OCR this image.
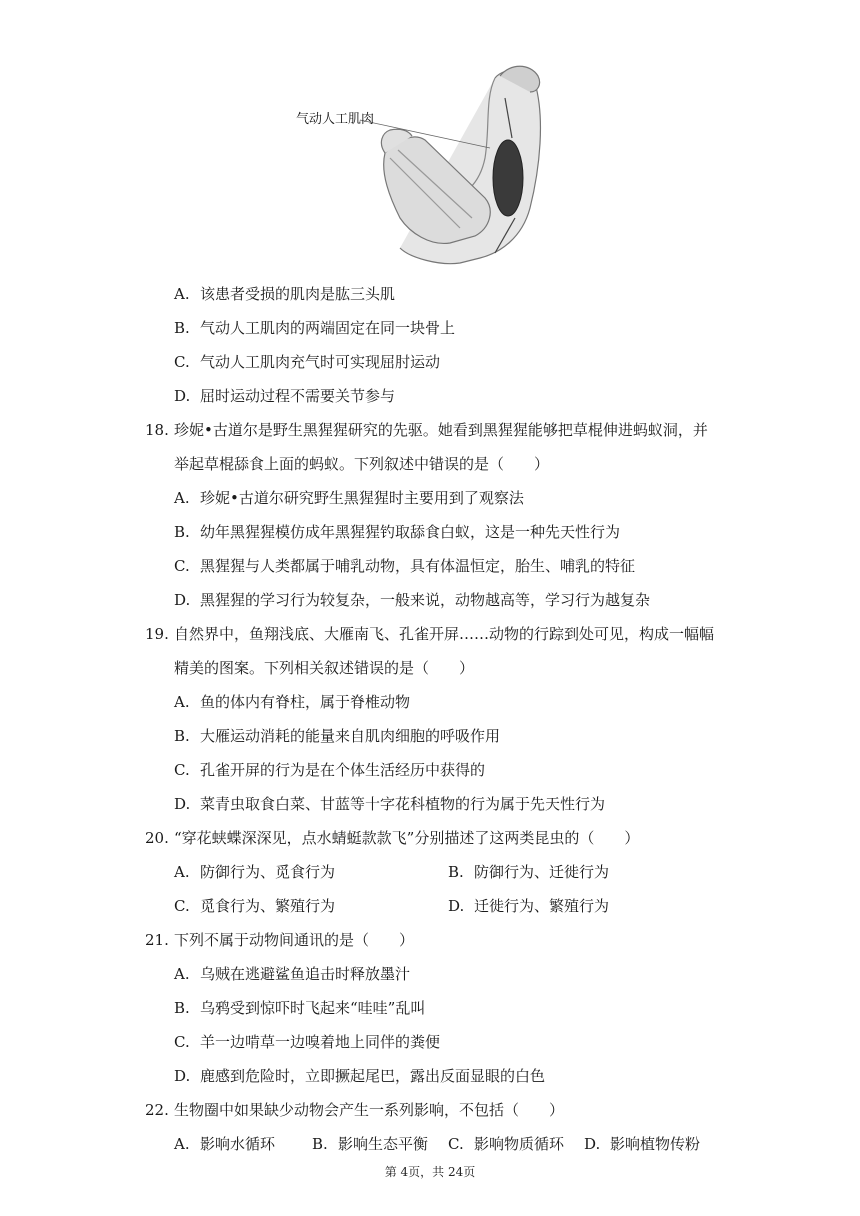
气动人工肌肉
A. 该患者受损的肌肉是肱三头肌
B. 气动人工肌肉的两端固定在同一块骨上
C. 气动人工肌肉充气时可实现屈肘运动
D. 屈时运动过程不需要关节参与
18. 珍妮•古道尔是野生黑猩猩研究的先驱。她看到黑猩猩能够把草棍伸进蚂蚁洞，并
举起草棍舔食上面的蚂蚁。下列叙述中错误的是（　　）
A. 珍妮•古道尔研究野生黑猩猩时主要用到了观察法
B. 幼年黑猩猩模仿成年黑猩猩钓取舔食白蚁，这是一种先天性行为
C. 黑猩猩与人类都属于哺乳动物，具有体温恒定，胎生、哺乳的特征
D. 黑猩猩的学习行为较复杂，一般来说，动物越高等，学习行为越复杂
19. 自然界中，鱼翔浅底、大雁南飞、孔雀开屏……动物的行踪到处可见，构成一幅幅
精美的图案。下列相关叙述错误的是（　　）
A. 鱼的体内有脊柱，属于脊椎动物
B. 大雁运动消耗的能量来自肌肉细胞的呼吸作用
C. 孔雀开屏的行为是在个体生活经历中获得的
D. 菜青虫取食白菜、甘蓝等十字花科植物的行为属于先天性行为
20. “穿花蛱蝶深深见，点水蜻蜓款款飞”分别描述了这两类昆虫的（　　）
A. 防御行为、觅食行为	B. 防御行为、迁徙行为
C. 觅食行为、繁殖行为	D. 迁徙行为、繁殖行为
21. 下列不属于动物间通讯的是（　　）
A. 乌贼在逃避鲨鱼追击时释放墨汁
B. 乌鸦受到惊吓时飞起来“哇哇”乱叫
C. 羊一边啃草一边嗅着地上同伴的粪便
D. 鹿感到危险时，立即撅起尾巴，露出反面显眼的白色
22. 生物圈中如果缺少动物会产生一系列影响，不包括（　　）
A. 影响水循环 B. 影响生态平衡 C. 影响物质循环 D. 影响植物传粉
第 4页，共 24页
